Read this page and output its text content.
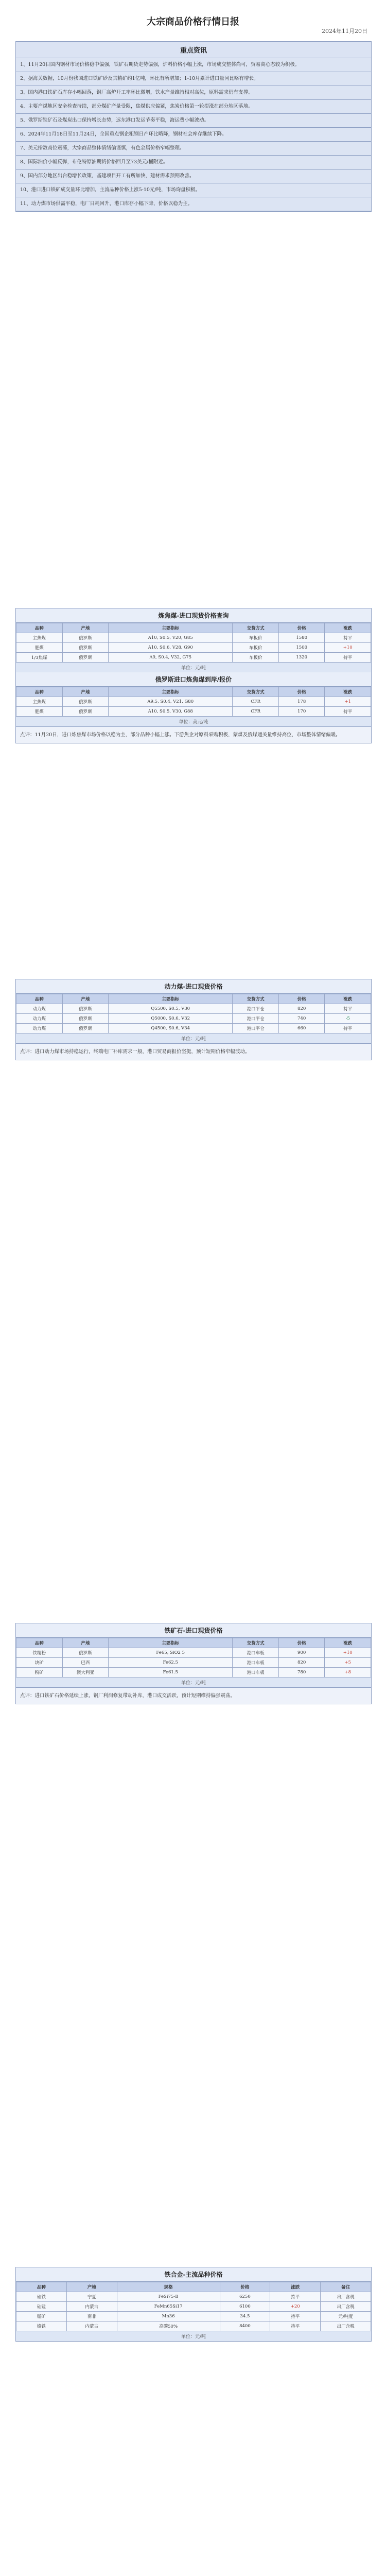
大宗商品价格行情日报
2024年11月20日
重点资讯
1、11月20日国内钢材市场价格稳中偏强，铁矿石期货走势偏强，炉料价格小幅上涨，市场成交整体尚可，贸易商心态较为积极。
2、据海关数据，10月份我国进口铁矿砂及其精矿约1亿吨，环比有所增加；1-10月累计进口量同比略有增长。
3、国内港口铁矿石库存小幅回落，钢厂高炉开工率环比微增，铁水产量维持相对高位，原料需求仍有支撑。
4、主要产煤地区安全检查持续，部分煤矿产量受限，焦煤供应偏紧，焦炭价格第一轮提涨在部分地区落地。
5、俄罗斯铁矿石及煤炭出口保持增长态势，远东港口发运节奏平稳，海运费小幅波动。
6、2024年11月18日至11月24日，全国重点钢企粗钢日产环比略降，钢材社会库存继续下降。
7、美元指数高位震荡，大宗商品整体情绪偏谨慎，有色金属价格窄幅整理。
8、国际油价小幅反弹，布伦特原油期货价格回升至73美元/桶附近。
9、国内部分地区出台稳增长政策，基建项目开工有所加快，建材需求预期改善。
10、港口进口铁矿成交量环比增加，主流品种价格上涨5-10元/吨，市场询盘积极。
11、动力煤市场供需平稳，电厂日耗回升，港口库存小幅下降，价格以稳为主。
炼焦煤-进口现货价格查询
品种	产地	主要指标	交货方式	价格	涨跌
主焦煤	俄罗斯	A10, S0.5, V20, G85	车板价	1580	持平
肥煤	俄罗斯	A10, S0.6, V28, G90	车板价	1500	+10
1/3焦煤	俄罗斯	A9, S0.4, V32, G75	车板价	1320	持平
单位：元/吨
俄罗斯进口炼焦煤到岸/报价
品种	产地	主要指标	交货方式	价格	涨跌
主焦煤	俄罗斯	A9.5, S0.4, V21, G80	CFR	178	+1
肥煤	俄罗斯	A10, S0.5, V30, G88	CFR	170	持平
单位：美元/吨
点评：11月20日，进口炼焦煤市场价格以稳为主，部分品种小幅上涨。下游焦企对原料采购积极，蒙煤及俄煤通关量维持高位，市场整体情绪偏暖。
动力煤-进口现货价格
品种	产地	主要指标	交货方式	价格	涨跌
动力煤	俄罗斯	Q5500, S0.5, V30	港口平仓	820	持平
动力煤	俄罗斯	Q5000, S0.6, V32	港口平仓	740	-5
动力煤	俄罗斯	Q4500, S0.6, V34	港口平仓	660	持平
单位：元/吨
点评：进口动力煤市场持稳运行，终端电厂补库需求一般，港口贸易商报价坚挺，预计短期价格窄幅波动。
铁矿石-进口现货价格
品种	产地	主要指标	交货方式	价格	涨跌
铁精粉	俄罗斯	Fe65, SiO2 5	港口车板	900	+10
块矿	巴西	Fe62.5	港口车板	820	+5
粉矿	澳大利亚	Fe61.5	港口车板	780	+8
单位：元/吨
点评：进口铁矿石价格延续上涨，钢厂利润修复带动补库，港口成交活跃，预计短期维持偏强震荡。
铁合金-主流品种价格
品种	产地	规格	价格	涨跌	备注
硅铁	宁夏	FeSi75-B	6250	持平	出厂含税
硅锰	内蒙古	FeMn65Si17	6100	+20	出厂含税
锰矿	南非	Mn36	34.5	持平	元/吨度
铬铁	内蒙古	高碳50%	8400	持平	出厂含税
单位：元/吨
